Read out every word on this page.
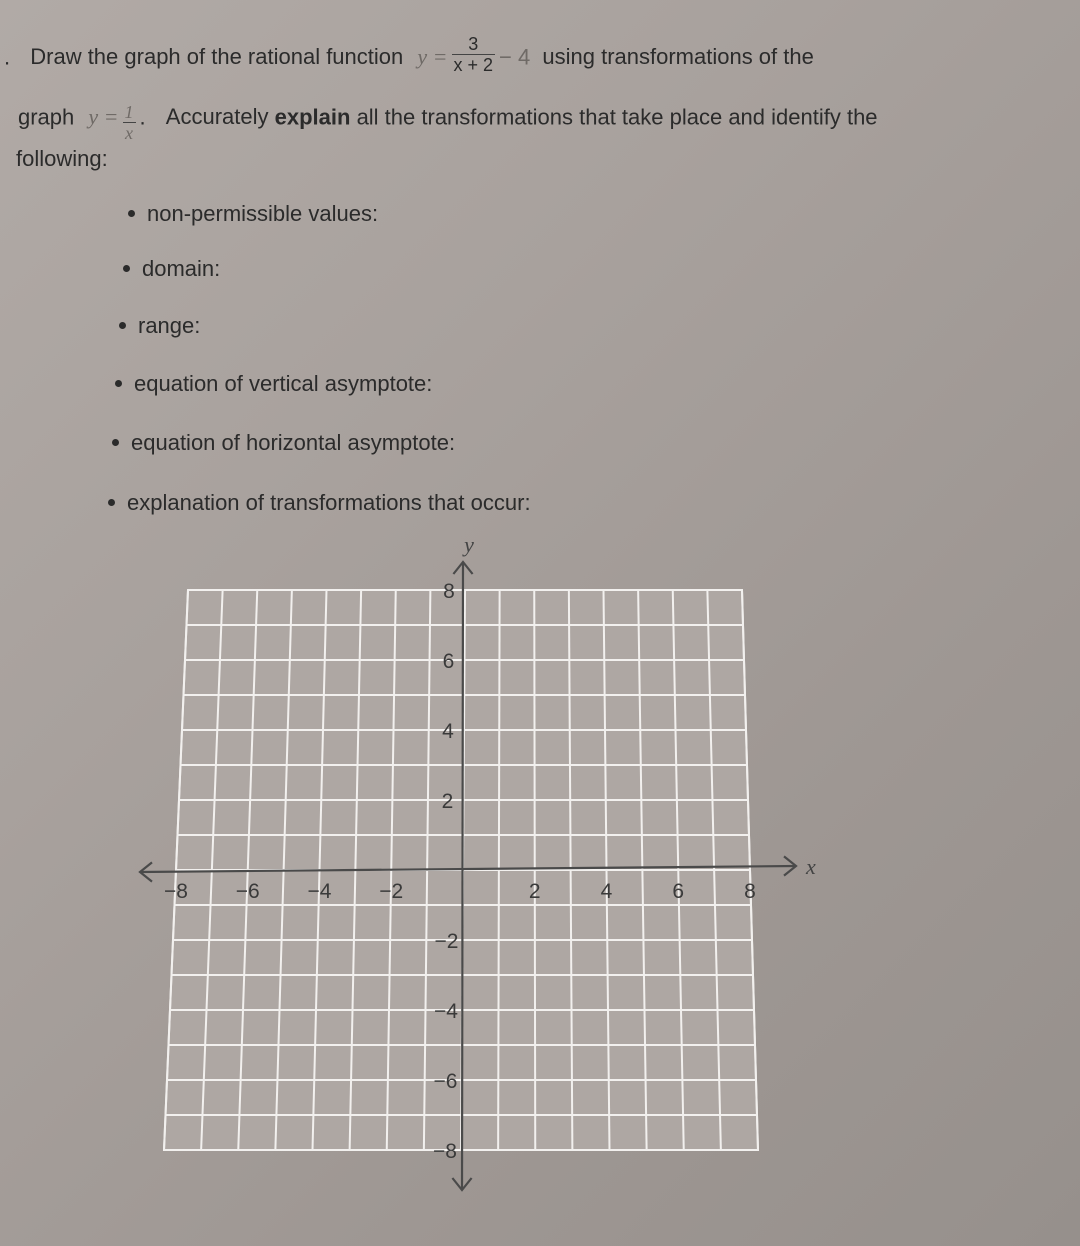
. Draw the graph of the rational function $y = \frac{3}{x + 2} - 4$ using transformations of the
graph $y = \frac{1}{x}$ . Accurately explain all the transformations that take place and identify the
following:
non-permissible values:
domain:
range:
equation of vertical asymptote:
equation of horizontal asymptote:
explanation of transformations that occur:
y
x
−8 −6 −4 −2	2	4	6	8
8
6
4
2
−2
−4
−6
−8
